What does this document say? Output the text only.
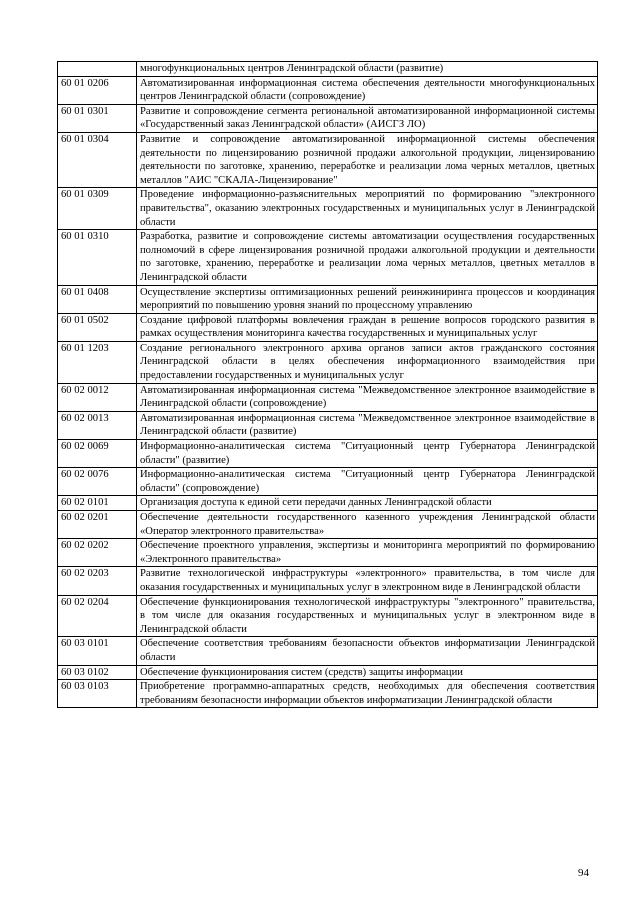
	многофункциональных центров Ленинградской области (развитие)
60 01 0206	Автоматизированная информационная система обеспечения деятельности многофункциональных центров Ленинградской области (сопровождение)
60 01 0301	Развитие и сопровождение сегмента региональной автоматизированной информационной системы «Государственный заказ Ленинградской области» (АИСГЗ ЛО)
60 01 0304	Развитие и сопровождение автоматизированной информационной системы обеспечения деятельности по лицензированию розничной продажи алкогольной продукции, лицензированию деятельности по заготовке, хранению, переработке и реализации лома черных металлов, цветных металлов "АИС "СКАЛА-Лицензирование"
60 01 0309	Проведение информационно-разъяснительных мероприятий по формированию "электронного правительства", оказанию электронных государственных и муниципальных услуг в Ленинградской области
60 01 0310	Разработка, развитие и сопровождение системы автоматизации осуществления государственных полномочий в сфере лицензирования розничной продажи алкогольной продукции и деятельности по заготовке, хранению, переработке и реализации лома черных металлов, цветных металлов в Ленинградской области
60 01 0408	Осуществление экспертизы оптимизационных решений реинжиниринга процессов и координация мероприятий по повышению уровня знаний по процессному управлению
60 01 0502	Создание цифровой платформы вовлечения граждан в решение вопросов городского развития в рамках осуществления мониторинга качества государственных и муниципальных услуг
60 01 1203	Создание регионального электронного архива органов записи актов гражданского состояния Ленинградской области в целях обеспечения информационного взаимодействия при предоставлении государственных и муниципальных услуг
60 02 0012	Автоматизированная информационная система "Межведомственное электронное взаимодействие в Ленинградской области (сопровождение)
60 02 0013	Автоматизированная информационная система "Межведомственное электронное взаимодействие в Ленинградской области (развитие)
60 02 0069	Информационно-аналитическая система "Ситуационный центр Губернатора Ленинградской области" (развитие)
60 02 0076	Информационно-аналитическая система "Ситуационный центр Губернатора Ленинградской области" (сопровождение)
60 02 0101	Организация доступа к единой сети передачи данных Ленинградской области
60 02 0201	Обеспечение деятельности государственного казенного учреждения Ленинградской области «Оператор электронного правительства»
60 02 0202	Обеспечение проектного управления, экспертизы и мониторинга мероприятий по формированию «Электронного правительства»
60 02 0203	Развитие технологической инфраструктуры «электронного» правительства, в том числе для оказания государственных и муниципальных услуг в электронном виде в Ленинградской области
60 02 0204	Обеспечение функционирования технологической инфраструктуры "электронного" правительства, в том числе для оказания государственных и муниципальных услуг в электронном виде в Ленинградской области
60 03 0101	Обеспечение соответствия требованиям безопасности объектов информатизации Ленинградской области
60 03 0102	Обеспечение функционирования систем (средств) защиты информации
60 03 0103	Приобретение программно-аппаратных средств, необходимых для обеспечения соответствия требованиям безопасности информации объектов информатизации Ленинградской области
94
